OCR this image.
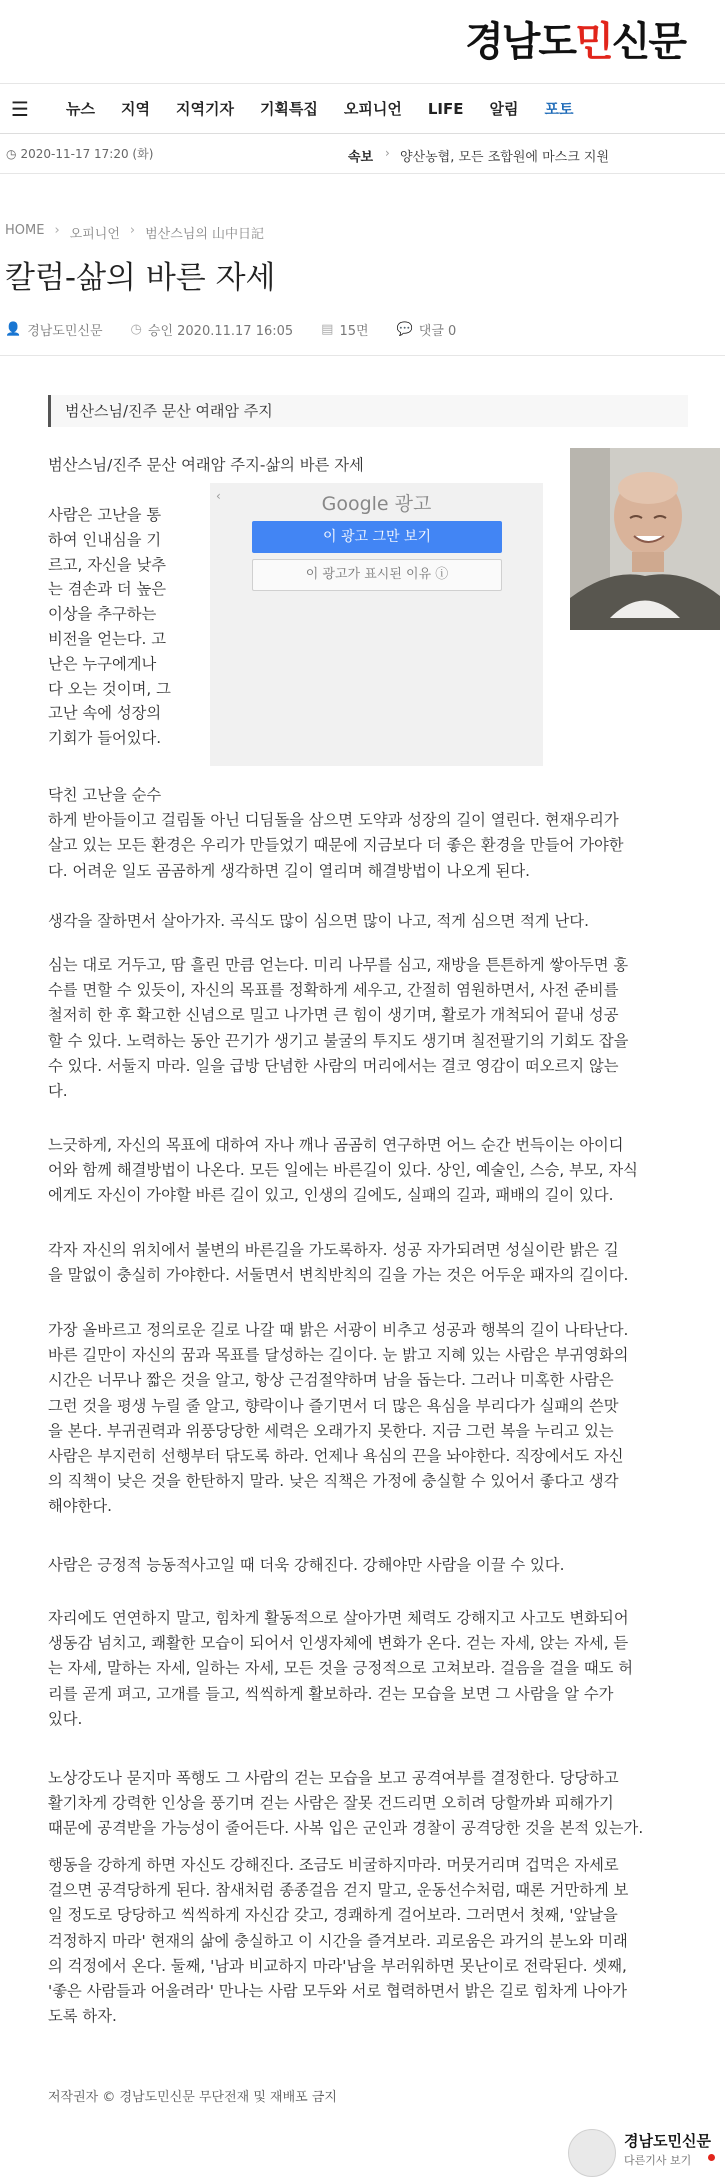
경남도민신문
☰	뉴스 지역 지역기자 기획특집 오피니언 LIFE 알림 포토
◷ 2020-11-17 17:20 (화)	속보 › 양산농협, 모든 조합원에 마스크 지원
HOME › 오피니언 › 범산스님의 山中日記
칼럼-삶의 바른 자세
👤 경남도민신문 ◷ 승인 2020.11.17 16:05 ▤ 15면 💬 댓글 0
범산스님/진주 문산 여래암 주지
범산스님/진주 문산 여래암 주지-삶의 바른 자세
사람은 고난을 통
하여 인내심을 기
르고, 자신을 낮추
는 겸손과 더 높은
이상을 추구하는
비전을 얻는다. 고
난은 누구에게나
다 오는 것이며, 그
고난 속에 성장의
기회가 들어있다.
‹	Google 광고
이 광고 그만 보기
이 광고가 표시된 이유 ⓘ
닥친 고난을 순수
하게 받아들이고 걸림돌 아닌 디딤돌을 삼으면 도약과 성장의 길이 열린다. 현재우리가
살고 있는 모든 환경은 우리가 만들었기 때문에 지금보다 더 좋은 환경을 만들어 가야한
다. 어려운 일도 곰곰하게 생각하면 길이 열리며 해결방법이 나오게 된다.
생각을 잘하면서 살아가자. 곡식도 많이 심으면 많이 나고, 적게 심으면 적게 난다.
심는 대로 거두고, 땀 흘린 만큼 얻는다. 미리 나무를 심고, 재방을 튼튼하게 쌓아두면 홍
수를 면할 수 있듯이, 자신의 목표를 정확하게 세우고, 간절히 염원하면서, 사전 준비를
철저히 한 후 확고한 신념으로 밀고 나가면 큰 힘이 생기며, 활로가 개척되어 끝내 성공
할 수 있다. 노력하는 동안 끈기가 생기고 불굴의 투지도 생기며 칠전팔기의 기회도 잡을
수 있다. 서둘지 마라. 일을 급방 단념한 사람의 머리에서는 결코 영감이 떠오르지 않는
다.
느긋하게, 자신의 목표에 대하여 자나 깨나 곰곰히 연구하면 어느 순간 번득이는 아이디
어와 함께 해결방법이 나온다. 모든 일에는 바른길이 있다. 상인, 예술인, 스승, 부모, 자식
에게도 자신이 가야할 바른 길이 있고, 인생의 길에도, 실패의 길과, 패배의 길이 있다.
각자 자신의 위치에서 불변의 바른길을 가도록하자. 성공 자가되려면 성실이란 밝은 길
을 말없이 충실히 가야한다. 서둘면서 변칙반칙의 길을 가는 것은 어두운 패자의 길이다.
가장 올바르고 정의로운 길로 나갈 때 밝은 서광이 비추고 성공과 행복의 길이 나타난다.
바른 길만이 자신의 꿈과 목표를 달성하는 길이다. 눈 밝고 지혜 있는 사람은 부귀영화의
시간은 너무나 짧은 것을 알고, 항상 근검절약하며 남을 돕는다. 그러나 미혹한 사람은
그런 것을 평생 누릴 줄 알고, 향락이나 즐기면서 더 많은 욕심을 부리다가 실패의 쓴맛
을 본다. 부귀권력과 위풍당당한 세력은 오래가지 못한다. 지금 그런 복을 누리고 있는
사람은 부지런히 선행부터 닦도록 하라. 언제나 욕심의 끈을 놔야한다. 직장에서도 자신
의 직책이 낮은 것을 한탄하지 말라. 낮은 직책은 가정에 충실할 수 있어서 좋다고 생각
해야한다.
사람은 긍정적 능동적사고일 때 더욱 강해진다. 강해야만 사람을 이끌 수 있다.
자리에도 연연하지 말고, 힘차게 활동적으로 살아가면 체력도 강해지고 사고도 변화되어
생동감 넘치고, 쾌활한 모습이 되어서 인생자체에 변화가 온다. 걷는 자세, 앉는 자세, 듣
는 자세, 말하는 자세, 일하는 자세, 모든 것을 긍정적으로 고쳐보라. 걸음을 걸을 때도 허
리를 곧게 펴고, 고개를 들고, 씩씩하게 활보하라. 걷는 모습을 보면 그 사람을 알 수가
있다.
노상강도나 묻지마 폭행도 그 사람의 걷는 모습을 보고 공격여부를 결정한다. 당당하고
활기차게 강력한 인상을 풍기며 걷는 사람은 잘못 건드리면 오히려 당할까봐 피해가기
때문에 공격받을 가능성이 줄어든다. 사복 입은 군인과 경찰이 공격당한 것을 본적 있는가.
행동을 강하게 하면 자신도 강해진다. 조금도 비굴하지마라. 머뭇거리며 겁먹은 자세로
걸으면 공격당하게 된다. 참새처럼 종종걸음 걷지 말고, 운동선수처럼, 때론 거만하게 보
일 정도로 당당하고 씩씩하게 자신감 갖고, 경쾌하게 걸어보라. 그러면서 첫째, '앞날을
걱정하지 마라' 현재의 삶에 충실하고 이 시간을 즐겨보라. 괴로움은 과거의 분노와 미래
의 걱정에서 온다. 둘째, '남과 비교하지 마라'남을 부러워하면 못난이로 전락된다. 셋째,
'좋은 사람들과 어울려라' 만나는 사람 모두와 서로 협력하면서 밝은 길로 힘차게 나아가
도록 하자.
저작권자 © 경남도민신문 무단전재 및 재배포 금지
경남도민신문
다른기사 보기
